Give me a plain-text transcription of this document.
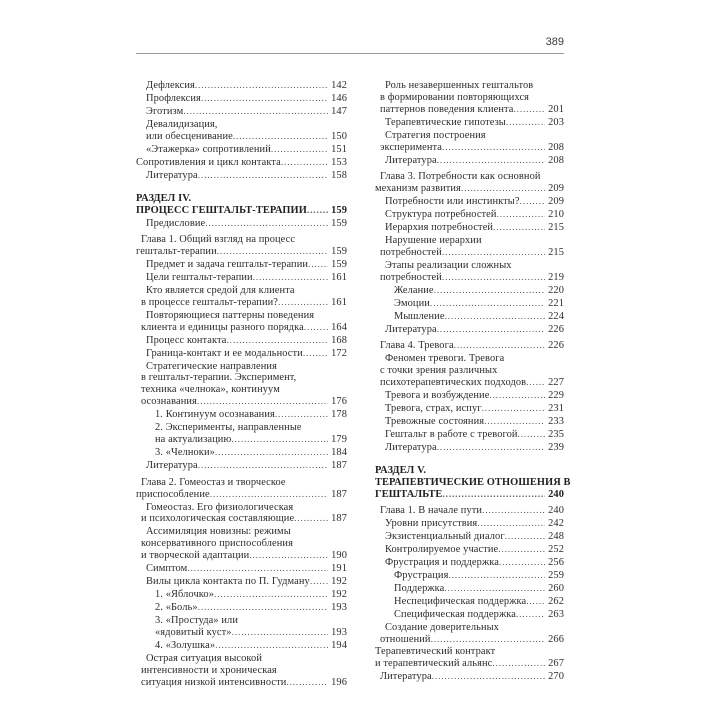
389
Дефлексия .....	142
Профлексия .....	146
Эготизм .....	147
Девалидизация,
или обесценивание .....	150
«Этажерка» сопротивлений .....	151
Сопротивления и цикл контакта .....	153
Литература .....	158
РАЗДЕЛ IV.
ПРОЦЕСС ГЕШТАЛЬТ-ТЕРАПИИ ..... 159
Предисловие .....	159
Глава 1. Общий взгляд на процесс
гештальт-терапии .....	159
Предмет и задача гештальт-терапии ..... 159
Цели гештальт-терапии .....	161
Кто является средой для клиента
в процессе гештальт-терапии? .....	161
Повторяющиеся паттерны поведения
клиента и единицы разного порядка .....	164
Процесс контакта .....	168
Граница-контакт и ее модальности .....	172
Стратегические направления
в гештальт-терапии. Эксперимент,
техника «челнока», континуум
осознавания .....	176
1. Континуум осознавания .....	178
2. Эксперименты, направленные
на актуализацию .....	179
3. «Челноки» .....	184
Литература .....	187
Глава 2. Гомеостаз и творческое
приспособление .....	187
Гомеостаз. Его физиологическая
и психологическая составляющие .....	187
Ассимиляция новизны: режимы
консервативного приспособления
и творческой адаптации .....	190
Симптом .....	191
Вилы цикла контакта по П. Гудману ..... 192
1. «Яблочко» .....	192
2. «Боль» .....	193
3. «Простуда» или
«ядовитый куст» .....	193
4. «Золушка» .....	194
Острая ситуация высокой
интенсивности и хроническая
ситуация низкой интенсивности .....	196
Роль незавершенных гештальтов
в формировании повторяющихся
паттернов поведения клиента .....	201
Терапевтические гипотезы .....	203
Стратегия построения
эксперимента .....	208
Литература .....	208
Глава 3. Потребности как основной
механизм развития .....	209
Потребности или инстинкты? .....	209
Структура потребностей .....	210
Иерархия потребностей .....	215
Нарушение иерархии
потребностей .....	215
Этапы реализации сложных
потребностей .....	219
Желание .....	220
Эмоции .....	221
Мышление .....	224
Литература .....	226
Глава 4. Тревога .....	226
Феномен тревоги. Тревога
с точки зрения различных
психотерапевтических подходов ..... 227
Тревога и возбуждение .....	229
Тревога, страх, испуг .....	231
Тревожные состояния .....	233
Гештальт в работе с тревогой .....	235
Литература .....	239
РАЗДЕЛ V.
ТЕРАПЕВТИЧЕСКИЕ ОТНОШЕНИЯ В
ГЕШТАЛЬТЕ .....	240
Глава 1. В начале пути .....	240
Уровни присутствия .....	242
Экзистенциальный диалог .....	248
Контролируемое участие .....	252
Фрустрация и поддержка .....	256
Фрустрация .....	259
Поддержка .....	260
Неспецифическая поддержка ..... 262
Специфическая поддержка .....	263
Создание доверительных
отношений .....	266
Терапевтический контракт
и терапевтический альянс .....	267
Литература .....	270
